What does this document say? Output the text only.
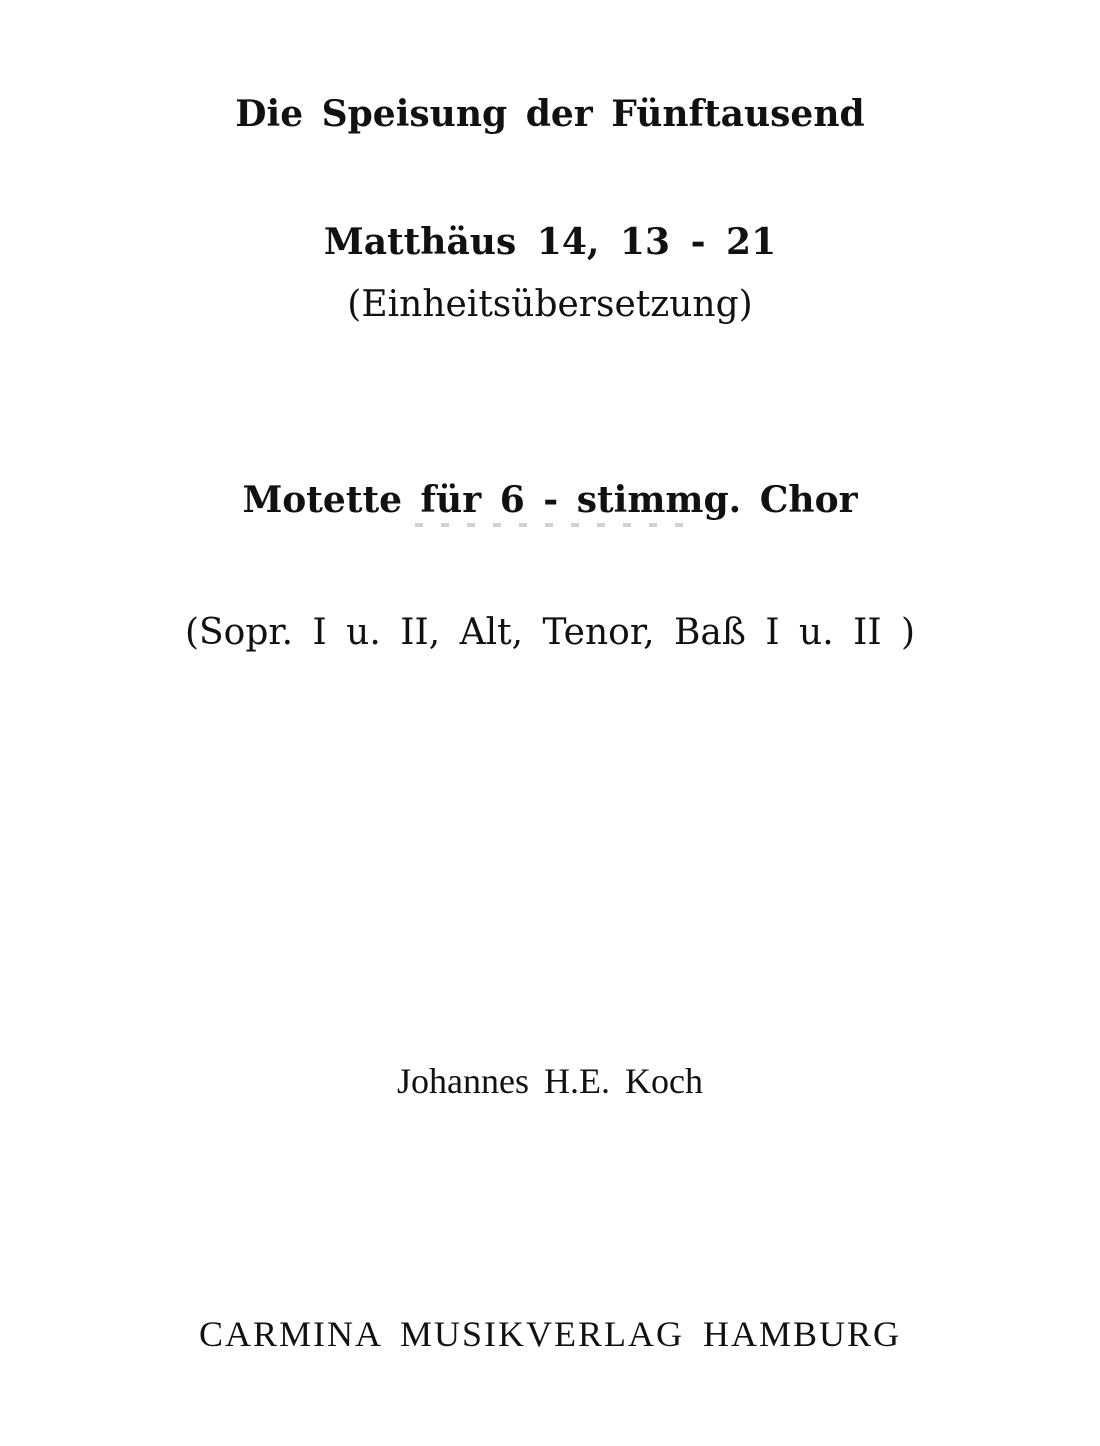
Die Speisung der Fünftausend
Matthäus 14, 13 - 21
(Einheitsübersetzung)
Motette für 6 - stimmg. Chor
(Sopr. I u. II, Alt, Tenor, Baß I u. II )
Johannes H.E. Koch
CARMINA MUSIKVERLAG HAMBURG
